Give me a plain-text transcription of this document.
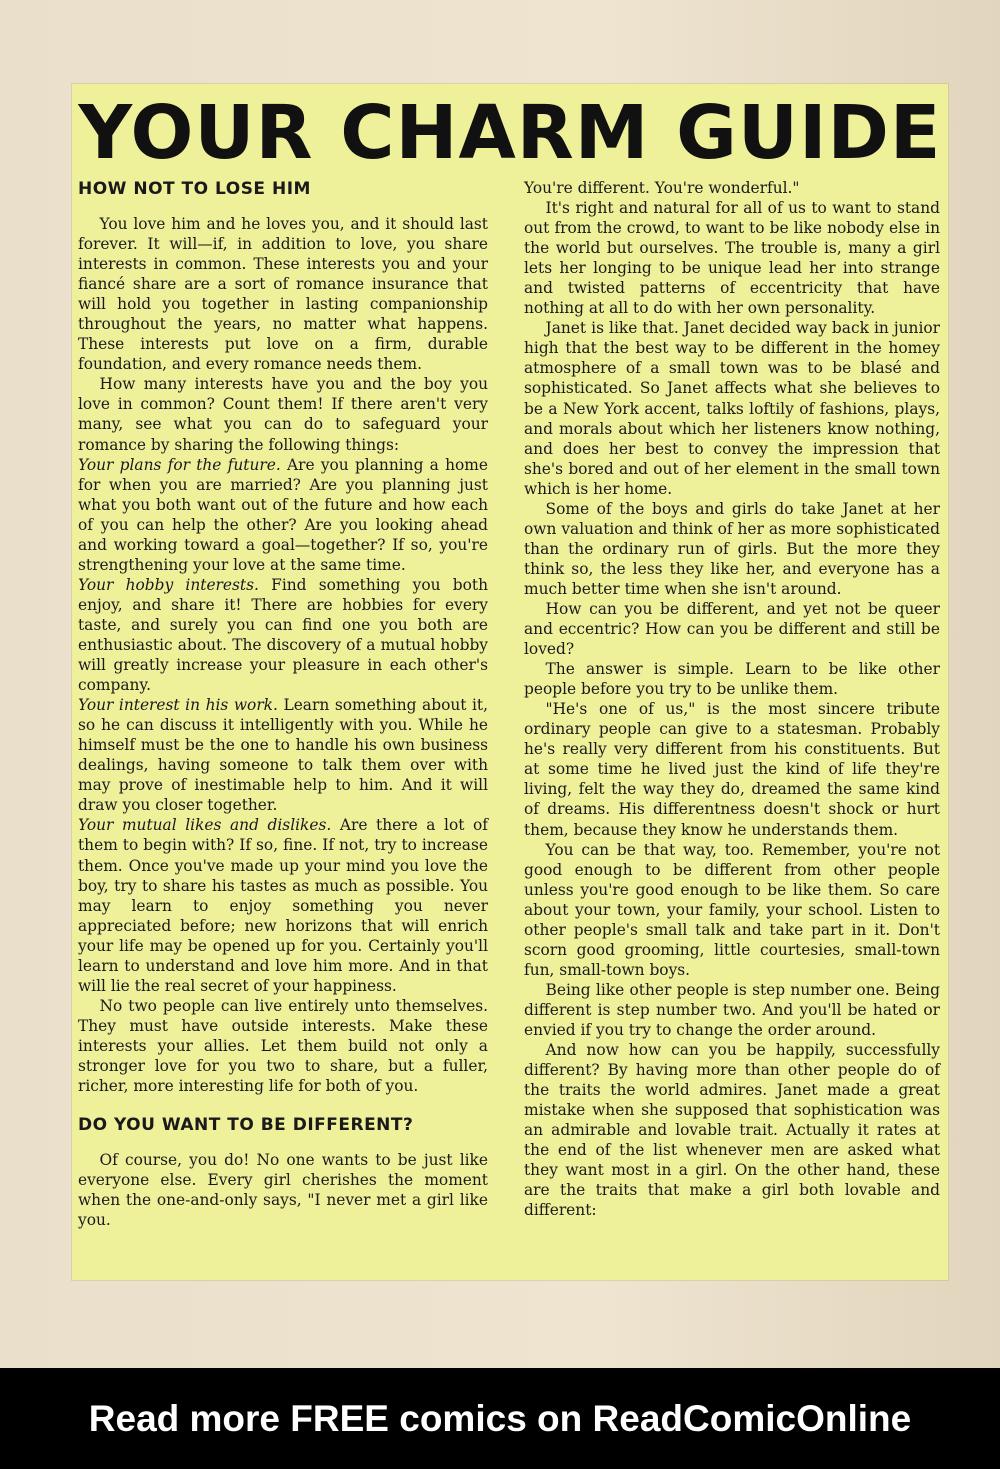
YOUR CHARM GUIDE
HOW NOT TO LOSE HIM

You love him and he loves you, and it should last forever. It will—if, in addition to love, you share interests in common. These interests you and your fiancé share are a sort of romance insurance that will hold you together in lasting companionship throughout the years, no matter what happens. These interests put love on a firm, durable foundation, and every romance needs them.

How many interests have you and the boy you love in common? Count them! If there aren't very many, see what you can do to safeguard your romance by sharing the following things:

Your plans for the future. Are you planning a home for when you are married? Are you planning just what you both want out of the future and how each of you can help the other? Are you looking ahead and working toward a goal—together? If so, you're strengthening your love at the same time.

Your hobby interests. Find something you both enjoy, and share it! There are hobbies for every taste, and surely you can find one you both are enthusiastic about. The discovery of a mutual hobby will greatly increase your pleasure in each other's company.

Your interest in his work. Learn something about it, so he can discuss it intelligently with you. While he himself must be the one to handle his own business dealings, having someone to talk them over with may prove of inestimable help to him. And it will draw you closer together.

Your mutual likes and dislikes. Are there a lot of them to begin with? If so, fine. If not, try to increase them. Once you've made up your mind you love the boy, try to share his tastes as much as possible. You may learn to enjoy something you never appreciated before; new horizons that will enrich your life may be opened up for you. Certainly you'll learn to understand and love him more. And in that will lie the real secret of your happiness.

No two people can live entirely unto themselves. They must have outside interests. Make these interests your allies. Let them build not only a stronger love for you two to share, but a fuller, richer, more interesting life for both of you.

DO YOU WANT TO BE DIFFERENT?

Of course, you do! No one wants to be just like everyone else. Every girl cherishes the moment when the one-and-only says, "I never met a girl like you.

You're different. You're wonderful."

It's right and natural for all of us to want to stand out from the crowd, to want to be like nobody else in the world but ourselves. The trouble is, many a girl lets her longing to be unique lead her into strange and twisted patterns of eccentricity that have nothing at all to do with her own personality.

Janet is like that. Janet decided way back in junior high that the best way to be different in the homey atmosphere of a small town was to be blasé and sophisticated. So Janet affects what she believes to be a New York accent, talks loftily of fashions, plays, and morals about which her listeners know nothing, and does her best to convey the impression that she's bored and out of her element in the small town which is her home.

Some of the boys and girls do take Janet at her own valuation and think of her as more sophisticated than the ordinary run of girls. But the more they think so, the less they like her, and everyone has a much better time when she isn't around.

How can you be different, and yet not be queer and eccentric? How can you be different and still be loved?

The answer is simple. Learn to be like other people before you try to be unlike them.

"He's one of us," is the most sincere tribute ordinary people can give to a statesman. Probably he's really very different from his constituents. But at some time he lived just the kind of life they're living, felt the way they do, dreamed the same kind of dreams. His differentness doesn't shock or hurt them, because they know he understands them.

You can be that way, too. Remember, you're not good enough to be different from other people unless you're good enough to be like them. So care about your town, your family, your school. Listen to other people's small talk and take part in it. Don't scorn good grooming, little courtesies, small-town fun, small-town boys.

Being like other people is step number one. Being different is step number two. And you'll be hated or envied if you try to change the order around.

And now how can you be happily, successfully different? By having more than other people do of the traits the world admires. Janet made a great mistake when she supposed that sophistication was an admirable and lovable trait. Actually it rates at the end of the list whenever men are asked what they want most in a girl. On the other hand, these are the traits that make a girl both lovable and different:

Read more FREE comics on ReadComicOnline
